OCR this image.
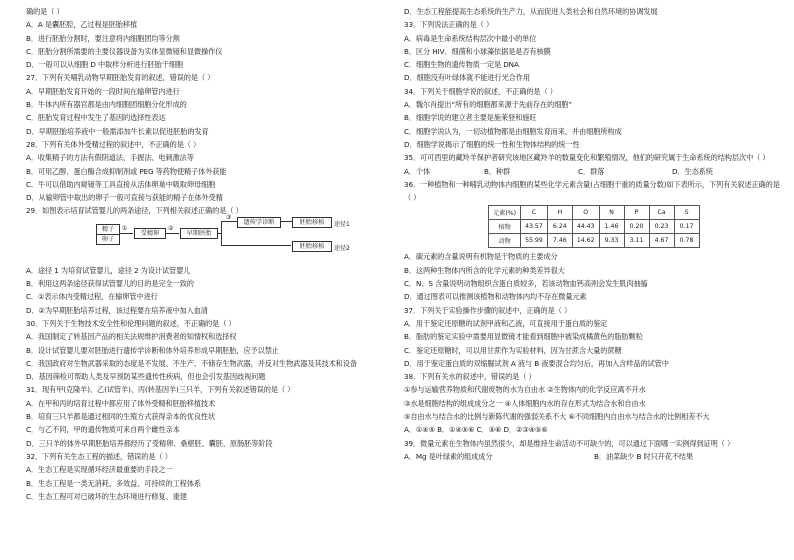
确的是（ ）
A．A 是囊胚腔，乙过程是胚胎移植
B．进行胚胎分割时，要注意将内细胞团均等分割
C．胚胎分割所需要的主要仪器设备为实体显微镜和显微操作仪
D．一般可以从细胞 D 中取样分析进行胚胎干细胞
27．下列有关哺乳动物早期胚胎发育的叙述，错误的是（ ）
A．早期胚胎发育开始的一段时间在输卵管内进行
B．牛体内所有器官都是由内细胞团细胞分化形成的
C．胚胎发育过程中发生了基因的选择性表达
D．早期胚胎培养液中一般需添加牛长素以促进胚胎的发育
28．下列有关体外受精过程的叙述中，不正确的是（ ）
A．收集精子的方法有假阴道法、手握法、电刺激法等
B．可用乙醇、蛋白酶合成抑制剂或 PEG 等药物使精子体外获能
C．牛可以借助内窥镜等工具直接从活体卵巢中吸取卵母细胞
D．从输卵管中取出的卵子一般可直接与获能的精子在体外受精
29．如图表示培育试管婴儿的两条途径，下列相关叙述正确的是（ ）
精子
卵子
①
受精卵
②
早期胚胎
③
遗传学诊断	胚胎移植
胚胎移植
途径1
途径2
A．途径 1 为培育试管婴儿，途径 2 为设计试管婴儿
B．利用这两条途径获得试管婴儿的目的是完全一致的
C．①表示体内受精过程，在输卵管中进行
D．②为早期胚胎培养过程，该过程要在培养液中加入血清
30．下列关于生物技术安全性和伦理问题的叙述，不正确的是（ ）
A．我国制定了转基因产品的相关法规维护消费者的知情权和选择权
B．设计试管婴儿要对胚胎进行遗传学诊断和体外培养形成早期胚胎，应予以禁止
C．我国政府对生物武器采取的态度是不发展、不生产、不储存生物武器，并反对生物武器及其技术和设备
D．基因筛检可帮助人类及早预防某些遗传性疾病，但也会引发基因歧视问题
31．现有甲(克隆羊)、乙(试管羊)、丙(转基因羊)三只羊，下列有关叙述错误的是（ ）
A．在甲和丙的培育过程中都应用了体外受精和胚胎移植技术
B．培育三只羊都是通过相同的生殖方式获得亲本的优良性状
C．与乙不同，甲的遗传物质可来自两个雌性亲本
D．三只羊的体外早期胚胎培养都经历了受精卵、桑椹胚、囊胚、原肠胚等阶段
32．下列有关生态工程的描述，错误的是（ ）
A．生态工程是实现循环经济最重要的手段之一
B．生态工程是一类无消耗、多效益、可持续的工程体系
C．生态工程可对已破坏的生态环境进行修复、重建
D．生态工程能提高生态系统的生产力，从而促进人类社会和自然环境的协调发展
33．下列说法正确的是（ ）
A．病毒是生命系统结构层次中最小的单位
B．区分 HIV、细菌和小球藻依据是是否有核膜
C．细胞生物的遗传物质一定是 DNA
D．细胞没有叶绿体就不能进行光合作用
34．下列关于细胞学说的叙述，不正确的是（ ）
A．魏尔肖提出“所有的细胞都来源于先前存在的细胞”
B．细胞学说的建立者主要是施莱登和施旺
C．细胞学说认为，一切动植物都是由细胞发育而来，并由细胞所构成
D．细胞学说揭示了细胞的统一性和生物体结构的统一性
35．可可西里的藏羚羊保护者研究该地区藏羚羊的数量变化和繁殖情况，他们的研究属于生命系统的结构层次中（ ）
A．个体	B．种群	C．群落	D．生态系统
36．一种植物和一种哺乳动物体内细胞的某些化学元素含量(占细胞干重的质量分数)如下表所示，下列有关叙述正确的是（ ）
元素(%)	C	H	O	N	P	Ca	S
植物	43.57	6.24	44.43	1.46	0.20	0.23	0.17
动物	55.99	7.46	14.62	9.33	3.11	4.67	0.78
A．碳元素的含量说明有机物是干物质的主要成分
B．这两种生物体内所含的化学元素的种类差异很大
C．N、S 含量说明动物组织含蛋白质较多，若该动物血钙高则会发生肌肉抽搐
D．通过图表可以推测该植物和动物体内均不存在微量元素
37．下列关于实验操作步骤的叙述中，正确的是（ ）
A．用于鉴定还原糖的试剂甲液和乙液，可直接用于蛋白质的鉴定
B．脂肪的鉴定实验中需要用显微镜才能看到细胞中被染成橘黄色的脂肪颗粒
C．鉴定还原糖时，可以用甘蔗作为实验材料，因为甘蔗含大量的蔗糖
D．用于鉴定蛋白质的双缩脲试剂 A 液与 B 液要混合均匀后，再加入含样品的试管中
38．下列有关水的叙述中，错误的是（ ）
①参与运输营养物质和代谢废物的水为自由水 ②生物体内的化学反应离不开水
③水是细胞结构的组成成分之一 ④人体细胞内水的存在形式为结合水和自由水
⑤自由水与结合水的比例与新陈代谢的强弱关系不大 ⑥不同细胞内自由水与结合水的比例相差不大
A．①④⑤ B．①④⑤⑥ C．⑤⑥ D．②③④⑤⑥
39．微量元素在生物体内虽然很少，却是维持生命活动不可缺少的，可以通过下面哪一实例得到证明（ ）
A．Mg 是叶绿素的组成成分	B．油菜缺少 B 时只开花不结果
